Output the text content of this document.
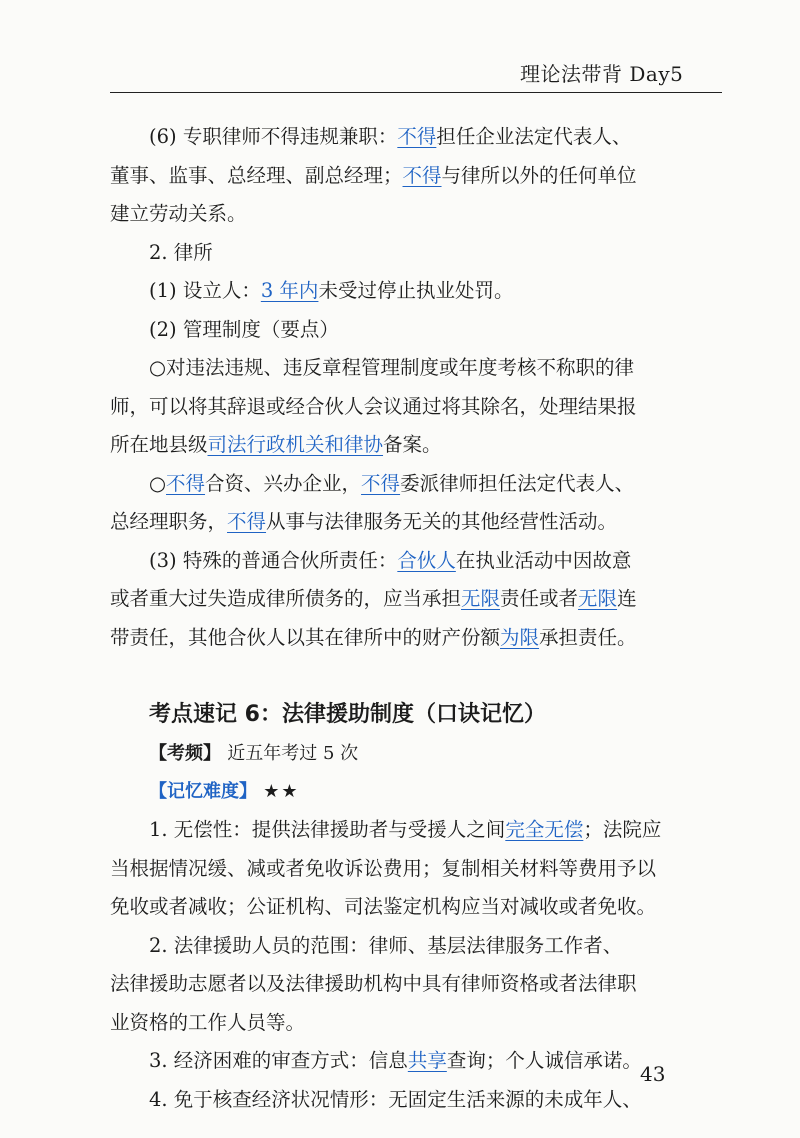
理论法带背 Day5

(6) 专职律师不得违规兼职：不得担任企业法定代表人、
董事、监事、总经理、副总经理；不得与律所以外的任何单位
建立劳动关系。

2. 律所

(1) 设立人：3 年内未受过停止执业处罚。

(2) 管理制度（要点）

○对违法违规、违反章程管理制度或年度考核不称职的律
师，可以将其辞退或经合伙人会议通过将其除名，处理结果报
所在地县级司法行政机关和律协备案。

○不得合资、兴办企业，不得委派律师担任法定代表人、
总经理职务，不得从事与法律服务无关的其他经营性活动。

(3) 特殊的普通合伙所责任：合伙人在执业活动中因故意
或者重大过失造成律所债务的，应当承担无限责任或者无限连
带责任，其他合伙人以其在律所中的财产份额为限承担责任。

考点速记 6：法律援助制度（口诀记忆）
【考频】 近五年考过 5 次
【记忆难度】 ★★

1. 无偿性：提供法律援助者与受援人之间完全无偿；法院应
当根据情况缓、减或者免收诉讼费用；复制相关材料等费用予以
免收或者减收；公证机构、司法鉴定机构应当对减收或者免收。

2. 法律援助人员的范围：律师、基层法律服务工作者、
法律援助志愿者以及法律援助机构中具有律师资格或者法律职
业资格的工作人员等。

3. 经济困难的审查方式：信息共享查询；个人诚信承诺。

4. 免于核查经济状况情形：无固定生活来源的未成年人、

43
